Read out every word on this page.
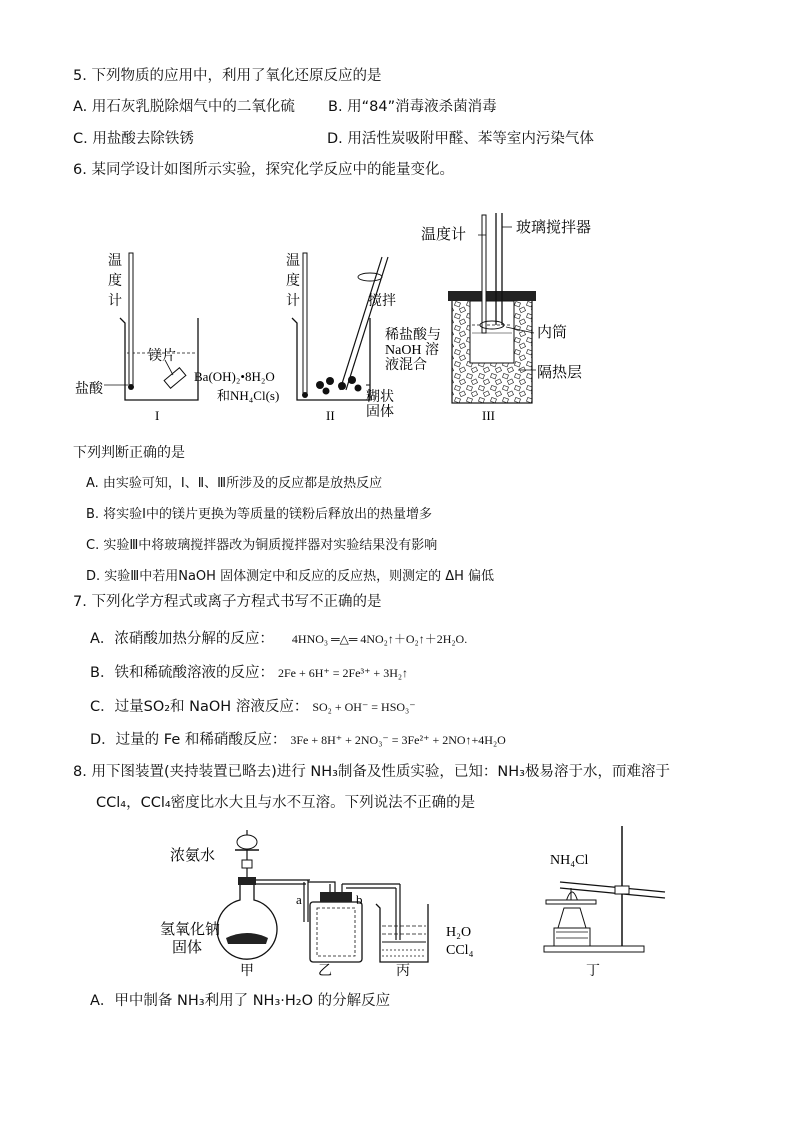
5. 下列物质的应用中，利用了氧化还原反应的是
A. 用石灰乳脱除烟气中的二氧化硫 B. 用“84”消毒液杀菌消毒
C. 用盐酸去除铁锈	D. 用活性炭吸附甲醛、苯等室内污染气体
6. 某同学设计如图所示实验，探究化学反应中的能量变化。
温
度
计
镁片
盐酸
I
温
度
计	搅拌
Ba(OH)₂•8H₂O
和NH₄Cl(s)	糊状
固体
II
温度计	玻璃搅拌器
稀盐酸与
NaOH 溶
液混合
内筒
隔热层
III
下列判断正确的是
A. 由实验可知，Ⅰ、Ⅱ、Ⅲ所涉及的反应都是放热反应
B. 将实验Ⅰ中的镁片更换为等质量的镁粉后释放出的热量增多
C. 实验Ⅲ中将玻璃搅拌器改为铜质搅拌器对实验结果没有影响
D. 实验Ⅲ中若用NaOH 固体测定中和反应的反应热，则测定的 ΔH 偏低
7. 下列化学方程式或离子方程式书写不正确的是
A．浓硝酸加热分解的反应： 4HNO₃ ═△═ 4NO₂↑＋O₂↑＋2H₂O.
B．铁和稀硫酸溶液的反应： 2Fe + 6H⁺ = 2Fe³⁺ + 3H₂↑
C．过量SO₂和 NaOH 溶液反应： SO₂ + OH⁻ = HSO₃⁻
D．过量的 Fe 和稀硝酸反应： 3Fe + 8H⁺ + 2NO₃⁻ = 3Fe²⁺ + 2NO↑+4H₂O
8. 用下图装置(夹持装置已略去)进行 NH₃制备及性质实验，已知：NH₃极易溶于水，而难溶于
CCl₄，CCl₄密度比水大且与水不互溶。下列说法不正确的是
浓氨水
氢氧化钠
固体
a	b
H₂O
CCl₄
NH₄Cl
甲	乙	丙	丁
A．甲中制备 NH₃利用了 NH₃·H₂O 的分解反应
